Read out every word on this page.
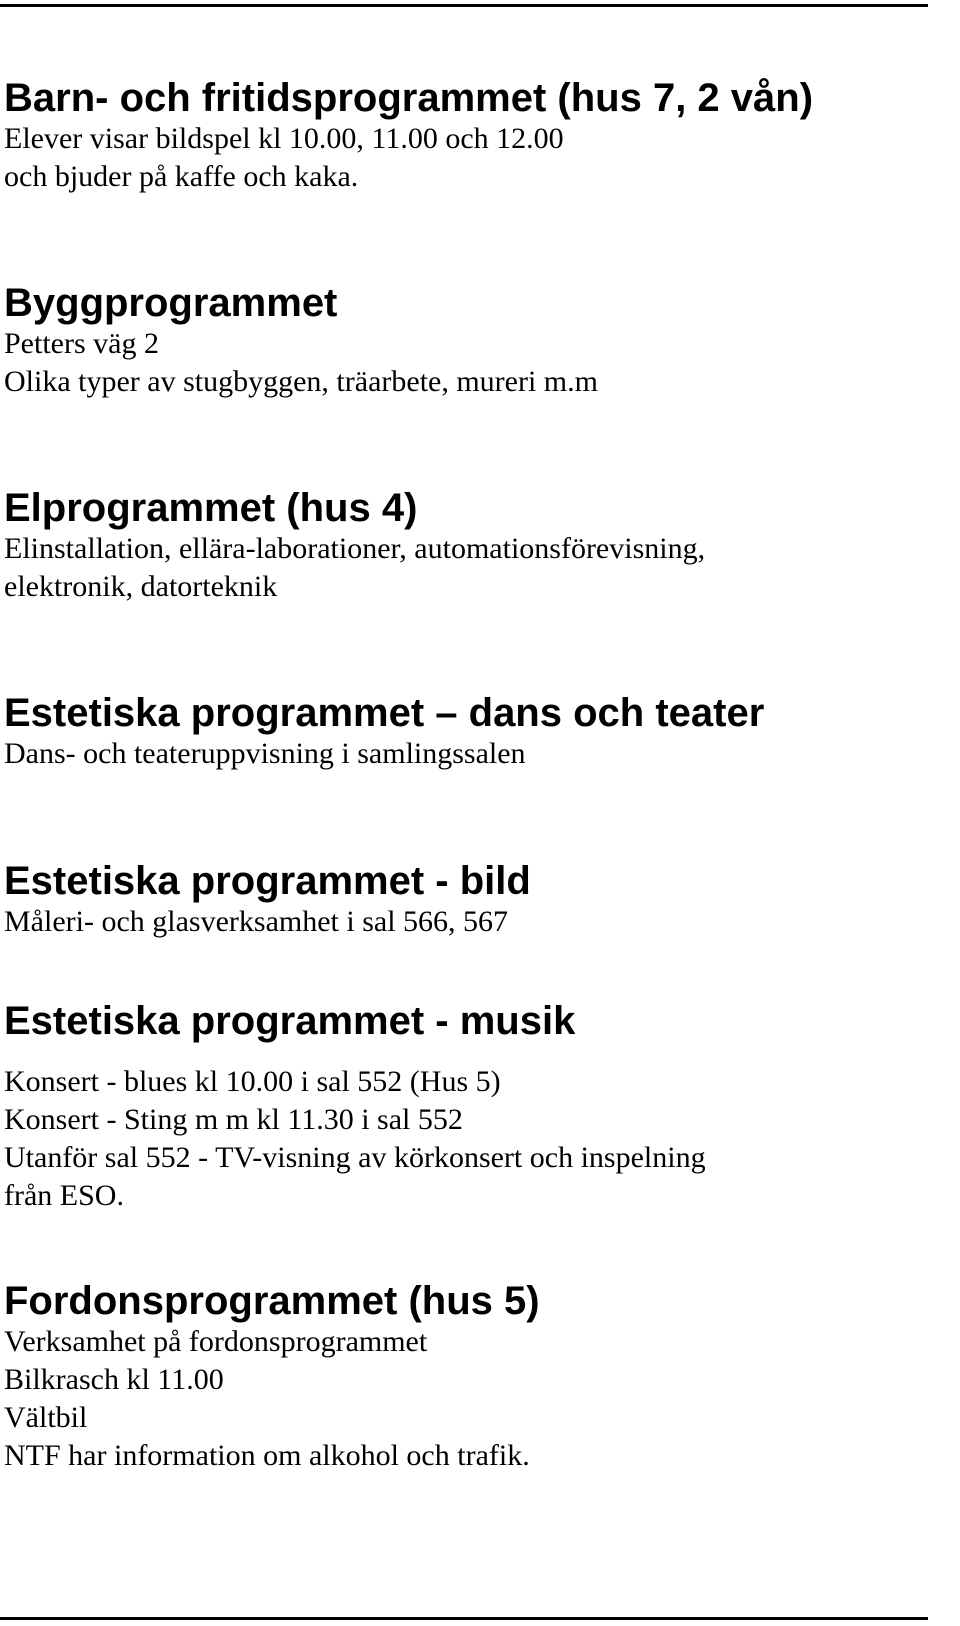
Barn- och fritidsprogrammet (hus 7, 2 vån)
Elever visar bildspel kl 10.00, 11.00 och 12.00
och bjuder på kaffe och kaka.
Byggprogrammet
Petters väg 2
Olika typer av stugbyggen, träarbete, mureri m.m
Elprogrammet (hus 4)
Elinstallation, ellära-laborationer, automationsförevisning,
elektronik, datorteknik
Estetiska programmet – dans och teater
Dans- och teateruppvisning i samlingssalen
Estetiska programmet - bild
Måleri- och glasverksamhet i sal 566, 567
Estetiska programmet - musik
Konsert - blues kl 10.00 i sal 552 (Hus 5)
Konsert - Sting m m kl 11.30 i sal 552
Utanför sal 552 - TV-visning av körkonsert och inspelning
från ESO.
Fordonsprogrammet (hus 5)
Verksamhet på fordonsprogrammet
Bilkrasch kl 11.00
Vältbil
NTF har information om alkohol och trafik.
